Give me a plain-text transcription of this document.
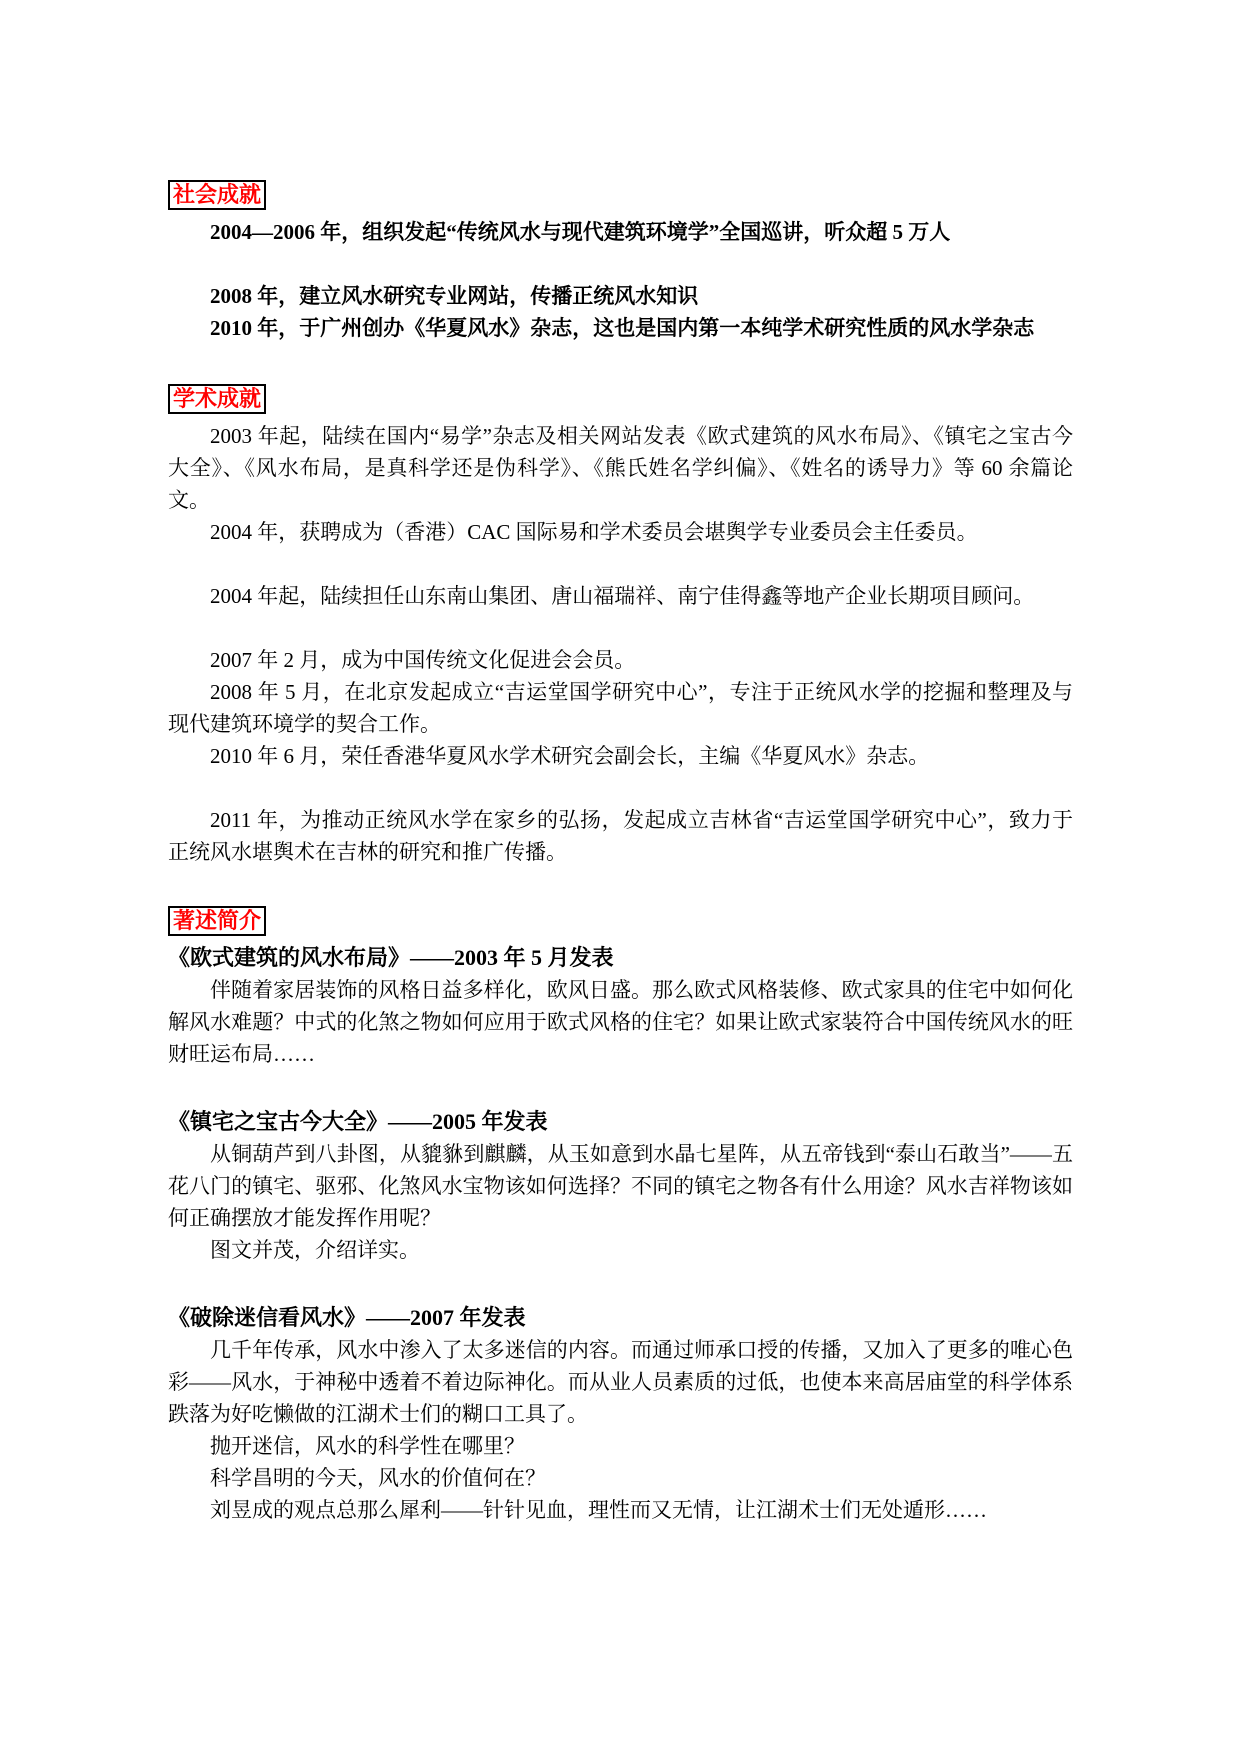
社会成就

2004—2006 年，组织发起“传统风水与现代建筑环境学”全国巡讲，听众超 5 万人

2008 年，建立风水研究专业网站，传播正统风水知识

2010 年，于广州创办《华夏风水》杂志，这也是国内第一本纯学术研究性质的风水学杂志

学术成就

2003 年起，陆续在国内“易学”杂志及相关网站发表《欧式建筑的风水布局》、《镇宅之宝古今大全》、《风水布局，是真科学还是伪科学》、《熊氏姓名学纠偏》、《姓名的诱导力》等 60 余篇论文。

2004 年，获聘成为（香港）CAC 国际易和学术委员会堪舆学专业委员会主任委员。

2004 年起，陆续担任山东南山集团、唐山福瑞祥、南宁佳得鑫等地产企业长期项目顾问。

2007 年 2 月，成为中国传统文化促进会会员。

2008 年 5 月，在北京发起成立“吉运堂国学研究中心”，专注于正统风水学的挖掘和整理及与现代建筑环境学的契合工作。

2010 年 6 月，荣任香港华夏风水学术研究会副会长，主编《华夏风水》杂志。

2011 年，为推动正统风水学在家乡的弘扬，发起成立吉林省“吉运堂国学研究中心”，致力于正统风水堪舆术在吉林的研究和推广传播。

著述简介

《欧式建筑的风水布局》——2003 年 5 月发表

伴随着家居装饰的风格日益多样化，欧风日盛。那么欧式风格装修、欧式家具的住宅中如何化解风水难题？中式的化煞之物如何应用于欧式风格的住宅？如果让欧式家装符合中国传统风水的旺财旺运布局……

《镇宅之宝古今大全》——2005 年发表

从铜葫芦到八卦图，从貔貅到麒麟，从玉如意到水晶七星阵，从五帝钱到“泰山石敢当”——五花八门的镇宅、驱邪、化煞风水宝物该如何选择？不同的镇宅之物各有什么用途？风水吉祥物该如何正确摆放才能发挥作用呢？

图文并茂，介绍详实。

《破除迷信看风水》——2007 年发表

几千年传承，风水中渗入了太多迷信的内容。而通过师承口授的传播，又加入了更多的唯心色彩——风水，于神秘中透着不着边际神化。而从业人员素质的过低，也使本来高居庙堂的科学体系跌落为好吃懒做的江湖术士们的糊口工具了。

抛开迷信，风水的科学性在哪里？

科学昌明的今天，风水的价值何在？

刘昱成的观点总那么犀利——针针见血，理性而又无情，让江湖术士们无处遁形……
